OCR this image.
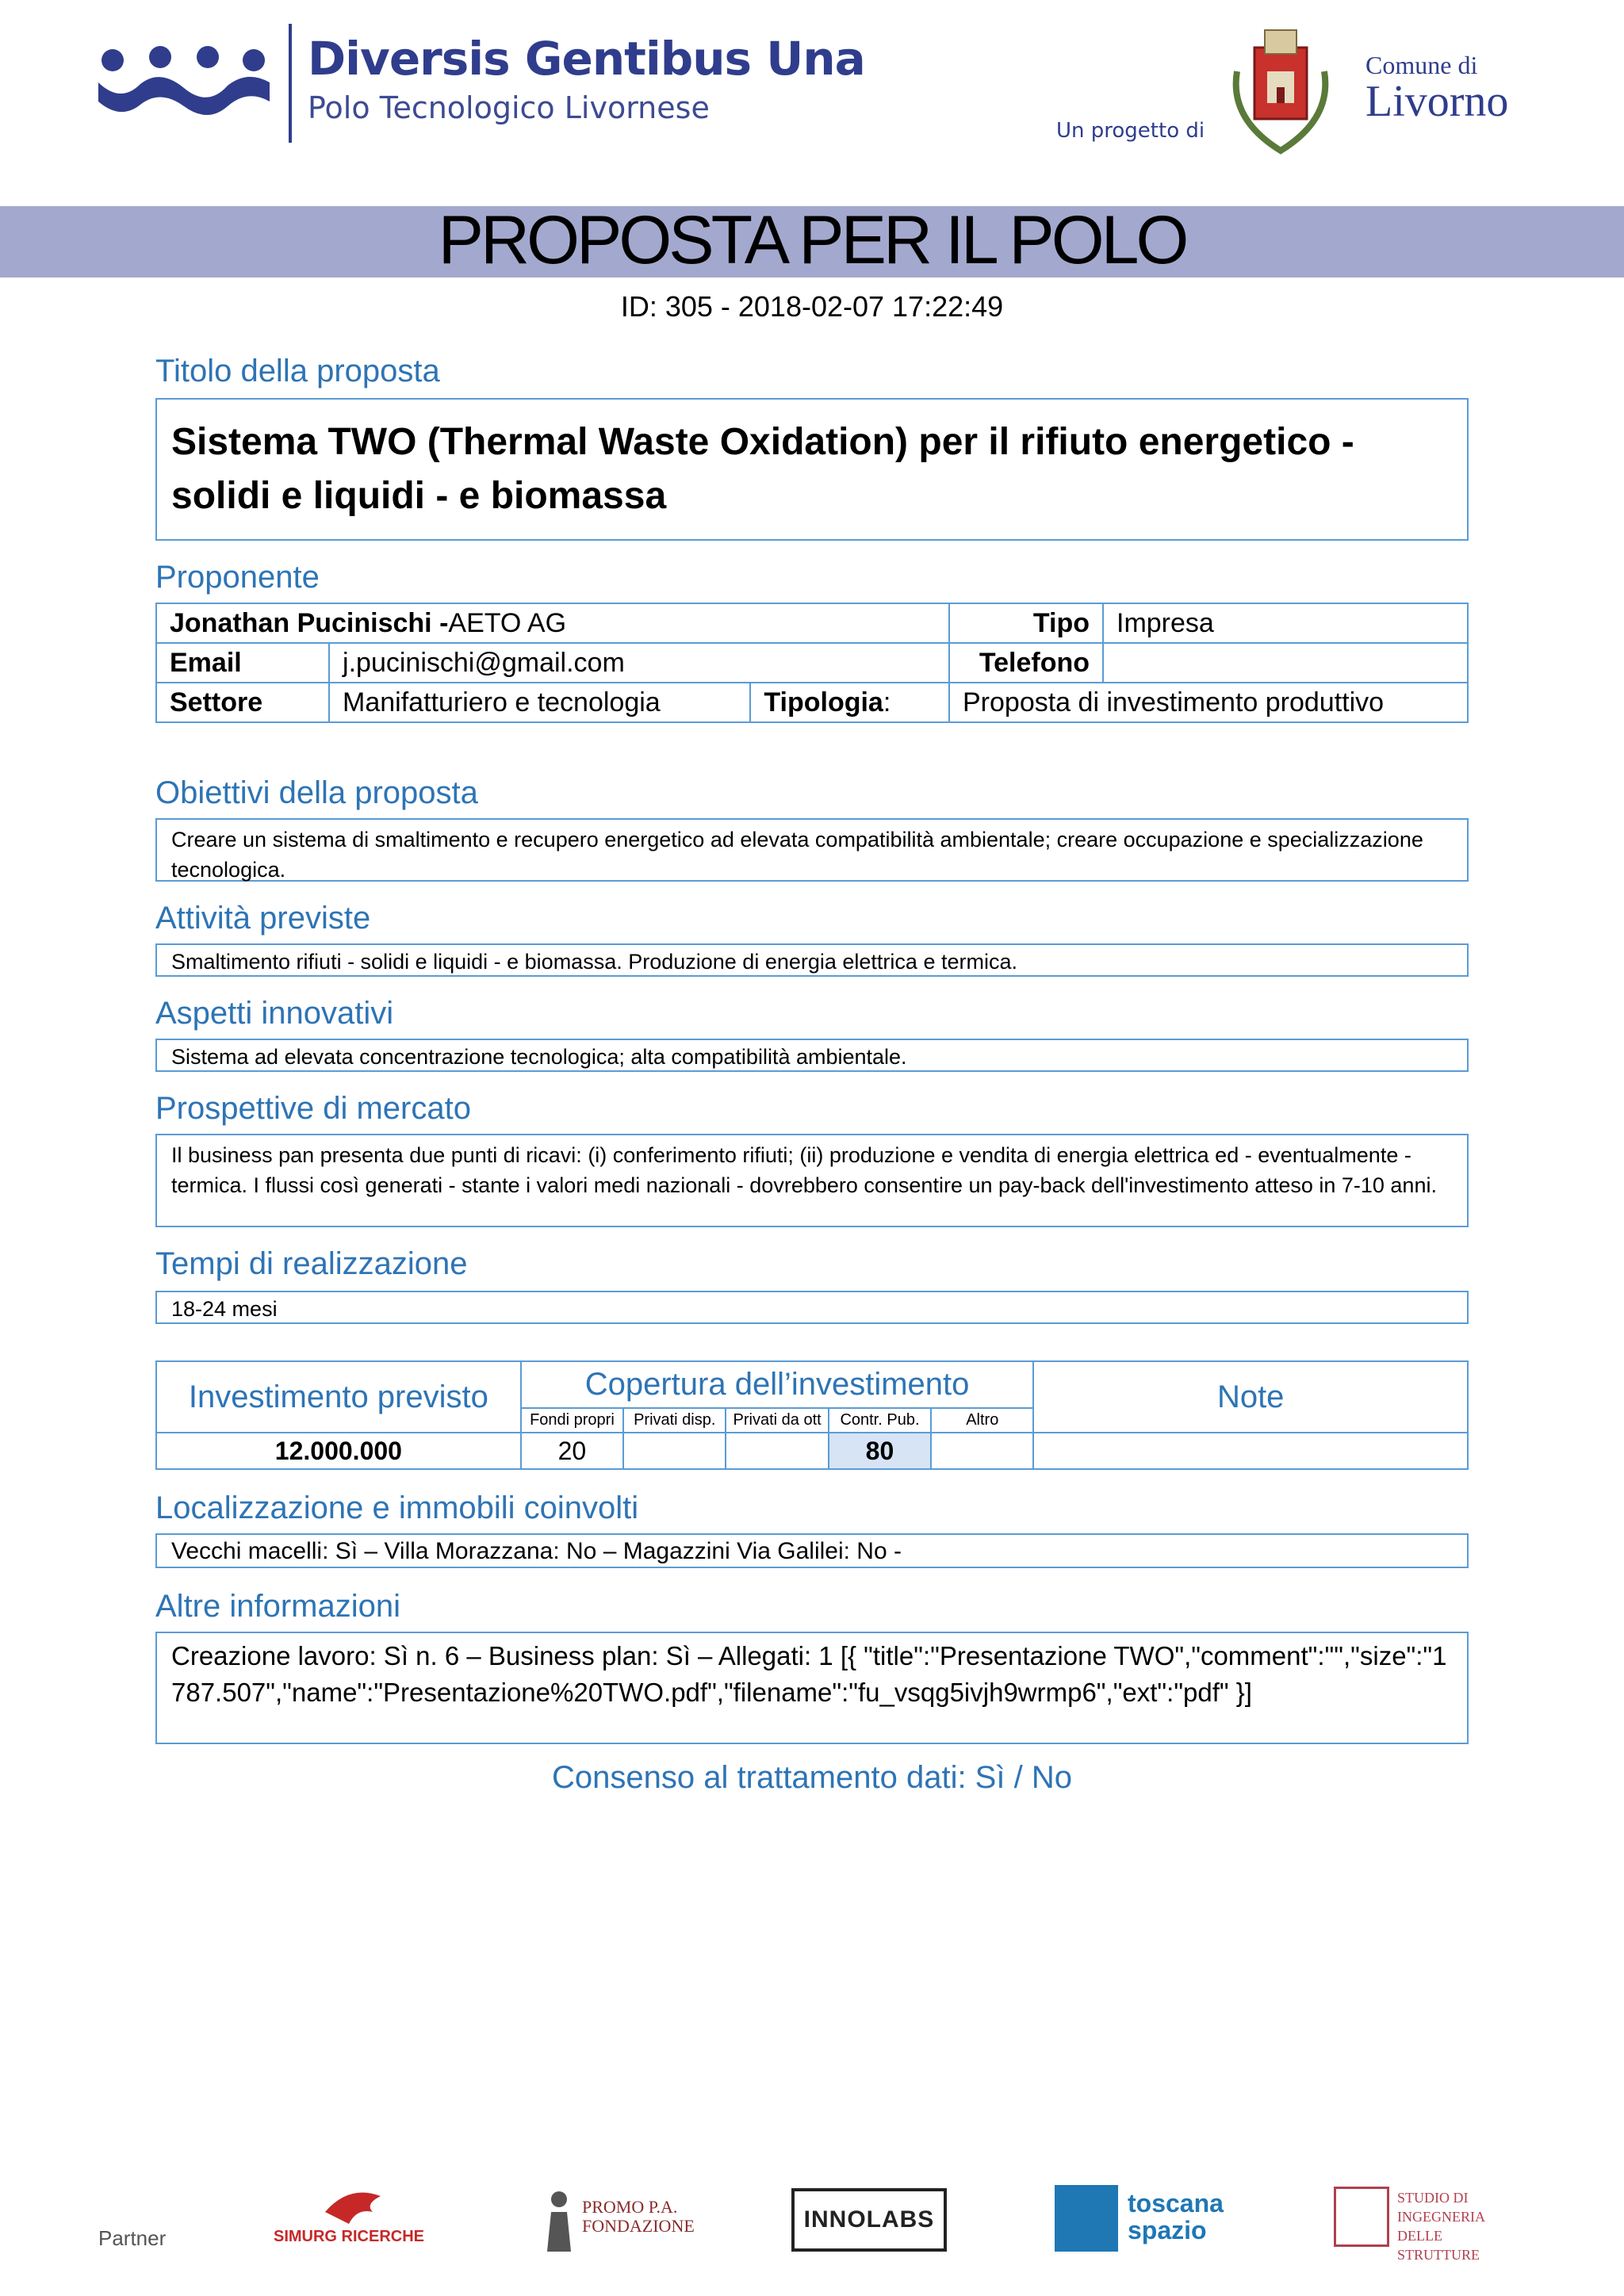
Diversis Gentibus Una
Polo Tecnologico Livornese
Un progetto di
Comune di
Livorno
PROPOSTA PER IL POLO
ID: 305 - 2018-02-07 17:22:49
Titolo della proposta
Sistema TWO (Thermal Waste Oxidation) per il rifiuto energetico - solidi e liquidi - e biomassa
Proponente
Jonathan Pucinischi -AETO AG			Tipo	Impresa
Email	j.pucinischi@gmail.com		Telefono	
Settore	Manifatturiero e tecnologia	Tipologia:	Proposta di investimento produttivo	
Obiettivi della proposta
Creare un sistema di smaltimento e recupero energetico ad elevata compatibilità ambientale; creare occupazione e specializzazione tecnologica.
Attività previste
Smaltimento rifiuti - solidi e liquidi - e biomassa. Produzione di energia elettrica e termica.
Aspetti innovativi
Sistema ad elevata concentrazione tecnologica; alta compatibilità ambientale.
Prospettive di mercato
Il business pan presenta due punti di ricavi: (i) conferimento rifiuti; (ii) produzione e vendita di energia elettrica ed - eventualmente - termica. I flussi così generati - stante i valori medi nazionali - dovrebbero consentire un pay-back dell'investimento atteso in 7-10 anni.
Tempi di realizzazione
18-24 mesi
Investimento previsto	Copertura dell’investimento					Note
	Fondi propri	Privati disp.	Privati da ott	Contr. Pub.	Altro	
12.000.000	20			80		
Localizzazione e immobili coinvolti
Vecchi macelli: Sì – Villa Morazzana: No – Magazzini Via Galilei: No -
Altre informazioni
Creazione lavoro: Sì n. 6 – Business plan: Sì – Allegati: 1 [{ "title":"Presentazione TWO","comment":"","size":"1787.507","name":"Presentazione%20TWO.pdf","filename":"fu_vsqg5ivjh9wrmp6","ext":"pdf" }]
Consenso al trattamento dati: Sì / No
Partner	SIMURG RICERCHE
PROMO P.A. FONDAZIONE	INNOLABS
toscana spazio
STUDIO DI INGEGNERIA DELLE STRUTTURE
